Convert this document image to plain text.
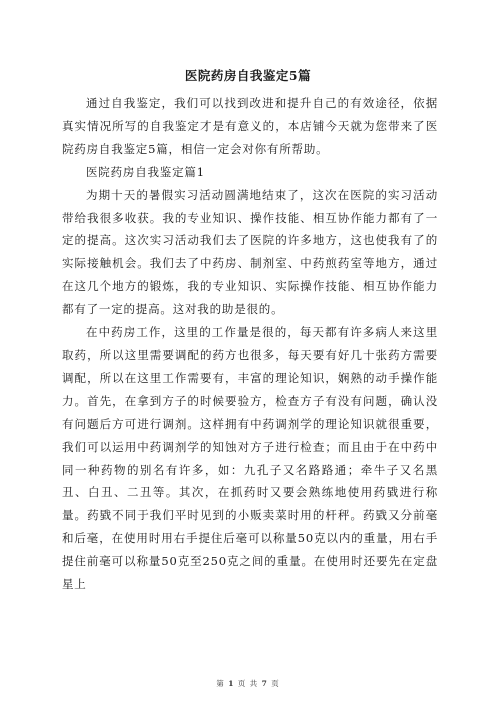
医院药房自我鉴定5篇

通过自我鉴定，我们可以找到改进和提升自己的有效途径，依据真实情况所写的自我鉴定才是有意义的，本店铺今天就为您带来了医院药房自我鉴定5篇，相信一定会对你有所帮助。

医院药房自我鉴定篇1

为期十天的暑假实习活动圆满地结束了，这次在医院的实习活动带给我很多收获。我的专业知识、操作技能、相互协作能力都有了一定的提高。这次实习活动我们去了医院的许多地方，这也使我有了的实际接触机会。我们去了中药房、制剂室、中药煎药室等地方，通过在这几个地方的锻炼，我的专业知识、实际操作技能、相互协作能力都有了一定的提高。这对我的助是很的。

在中药房工作，这里的工作量是很的，每天都有许多病人来这里取药，所以这里需要调配的药方也很多，每天要有好几十张药方需要调配，所以在这里工作需要有，丰富的理论知识，娴熟的动手操作能力。首先，在拿到方子的时候要验方，检查方子有没有问题，确认没有问题后方可进行调剂。这样拥有中药调剂学的理论知识就很重要，我们可以运用中药调剂学的知蚀对方子进行检查；而且由于在中药中同一种药物的别名有许多，如：九孔子又名路路通；牵牛子又名黑丑、白丑、二丑等。其次，在抓药时又要会熟练地使用药戥进行称量。药戥不同于我们平时见到的小贩卖菜时用的杆秤。药戥又分前毫和后毫，在使用时用右手提住后毫可以称量50克以内的重量，用右手提住前毫可以称量50克至250克之间的重量。在使用时还要先在定盘星上

第 1 页 共 7 页
